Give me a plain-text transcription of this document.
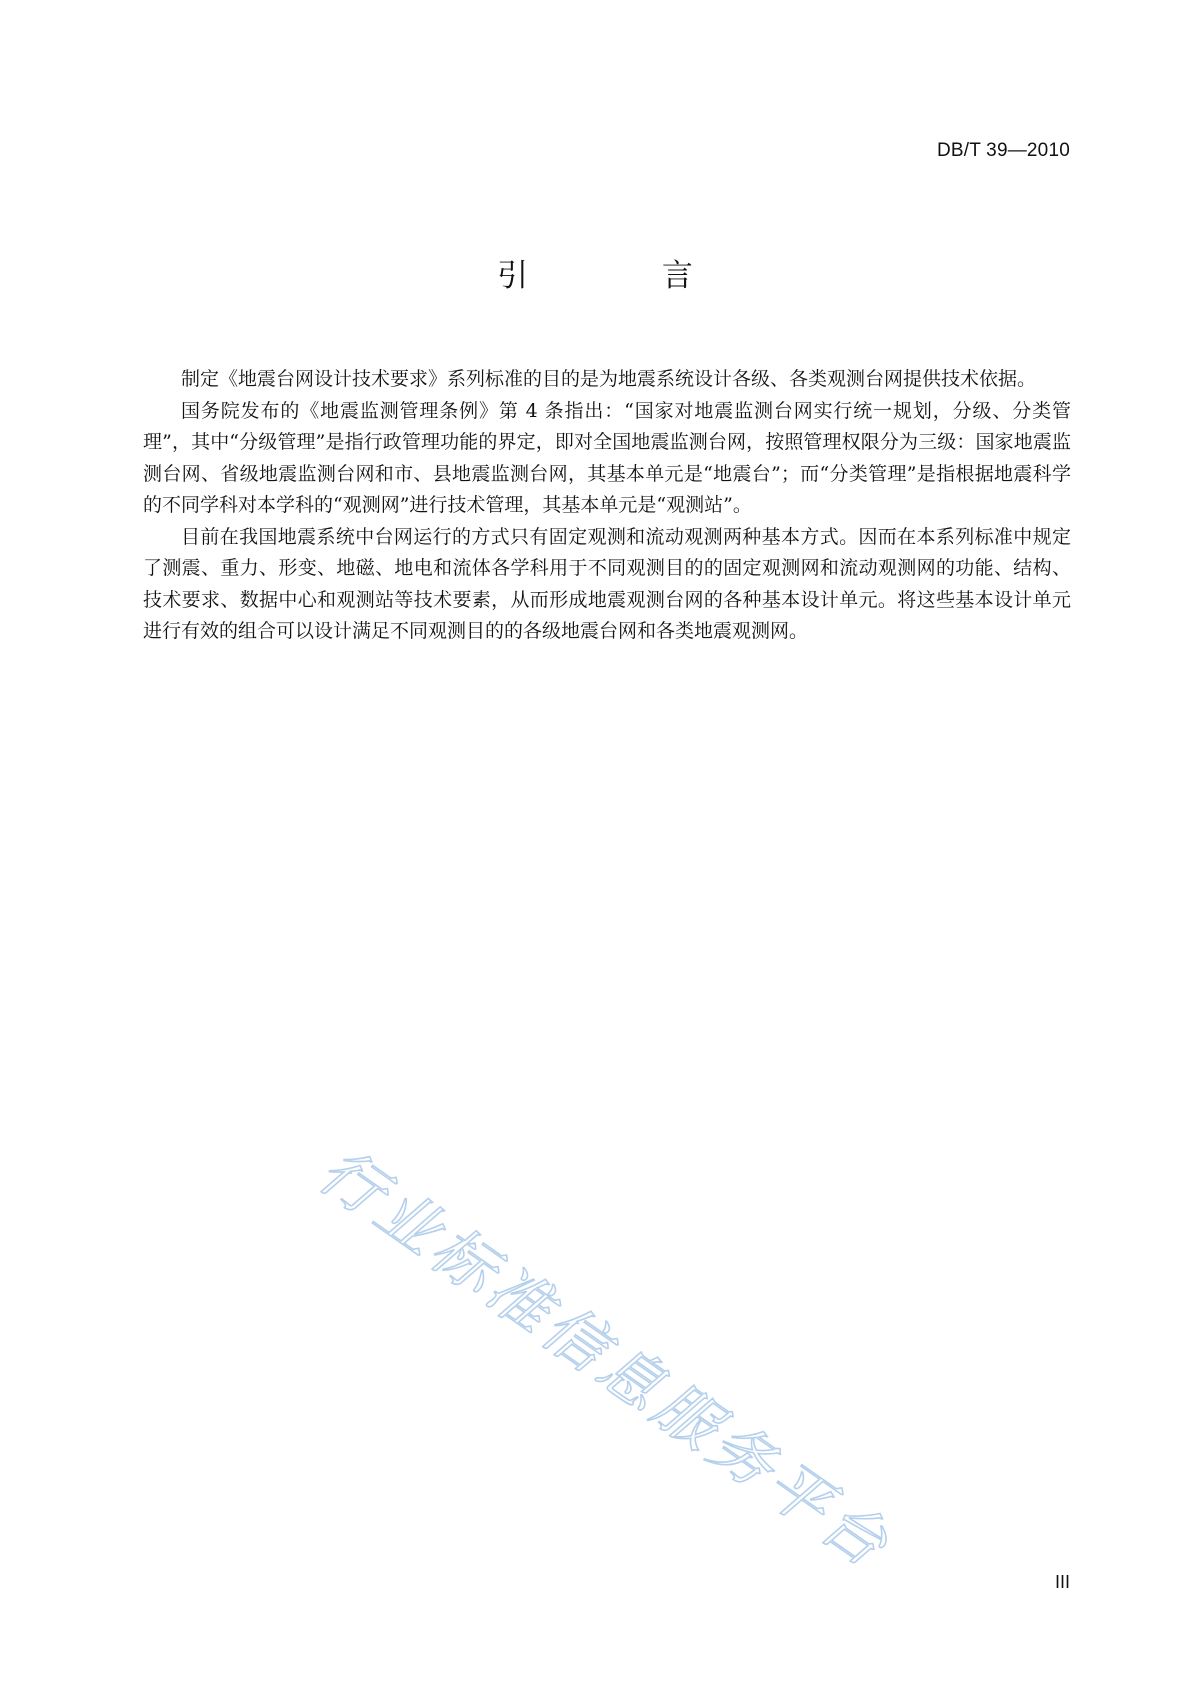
DB/T 39—2010
引 言

制定《地震台网设计技术要求》系列标准的目的是为地震系统设计各级、各类观测台网提供技术依据。

国务院发布的《地震监测管理条例》第 4 条指出：“国家对地震监测台网实行统一规划，分级、分类管理”，其中“分级管理”是指行政管理功能的界定，即对全国地震监测台网，按照管理权限分为三级：国家地震监测台网、省级地震监测台网和市、县地震监测台网，其基本单元是“地震台”；而“分类管理”是指根据地震科学的不同学科对本学科的“观测网”进行技术管理，其基本单元是“观测站”。

目前在我国地震系统中台网运行的方式只有固定观测和流动观测两种基本方式。因而在本系列标准中规定了测震、重力、形变、地磁、地电和流体各学科用于不同观测目的的固定观测网和流动观测网的功能、结构、技术要求、数据中心和观测站等技术要素，从而形成地震观测台网的各种基本设计单元。将这些基本设计单元进行有效的组合可以设计满足不同观测目的的各级地震台网和各类地震观测网。

行业标准信息服务平台	III
